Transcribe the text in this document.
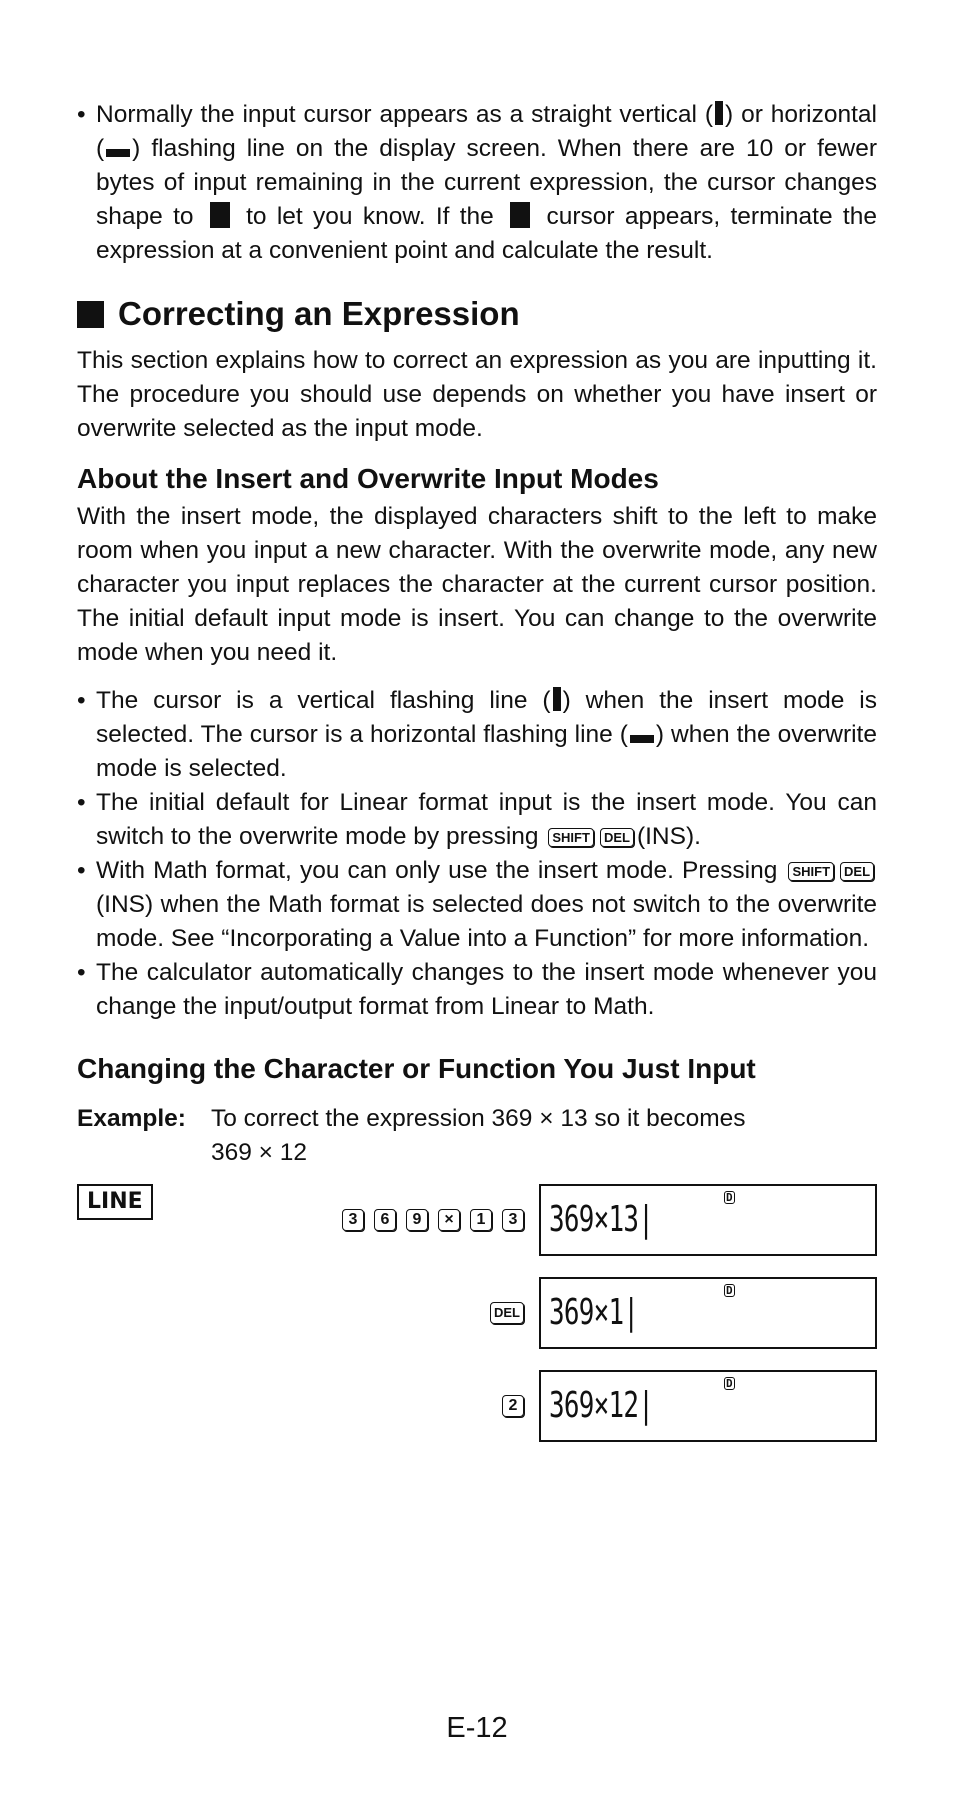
• Normally the input cursor appears as a straight vertical ( ) or horizontal ( ) flashing line on the display screen. When there are 10 or fewer bytes of input remaining in the current expression, the cursor changes shape to to let you know. If the cursor appears, terminate the expression at a convenient point and calculate the result.
Correcting an Expression

This section explains how to correct an expression as you are inputting it. The procedure you should use depends on whether you have insert or overwrite selected as the input mode.

About the Insert and Overwrite Input Modes

With the insert mode, the displayed characters shift to the left to make room when you input a new character. With the overwrite mode, any new character you input replaces the character at the current cursor position. The initial default input mode is insert. You can change to the overwrite mode when you need it.

• The cursor is a vertical flashing line ( ) when the insert mode is selected. The cursor is a horizontal flashing line ( ) when the overwrite mode is selected.
• The initial default for Linear format input is the insert mode. You can switch to the overwrite mode by pressing SHIFT DEL (INS).
• With Math format, you can only use the insert mode. Pressing SHIFT DEL(INS) when the Math format is selected does not switch to the overwrite mode. See “Incorporating a Value into a Function” for more information.
• The calculator automatically changes to the insert mode whenever you change the input/output format from Linear to Math.
Changing the Character or Function You Just Input
Example:	To correct the expression 369 × 13 so it becomes
369 × 12
LINE
3	6	9	×	1	3
D
369×13|
DEL
D
369×1|
2
D
369×12|
E-12
